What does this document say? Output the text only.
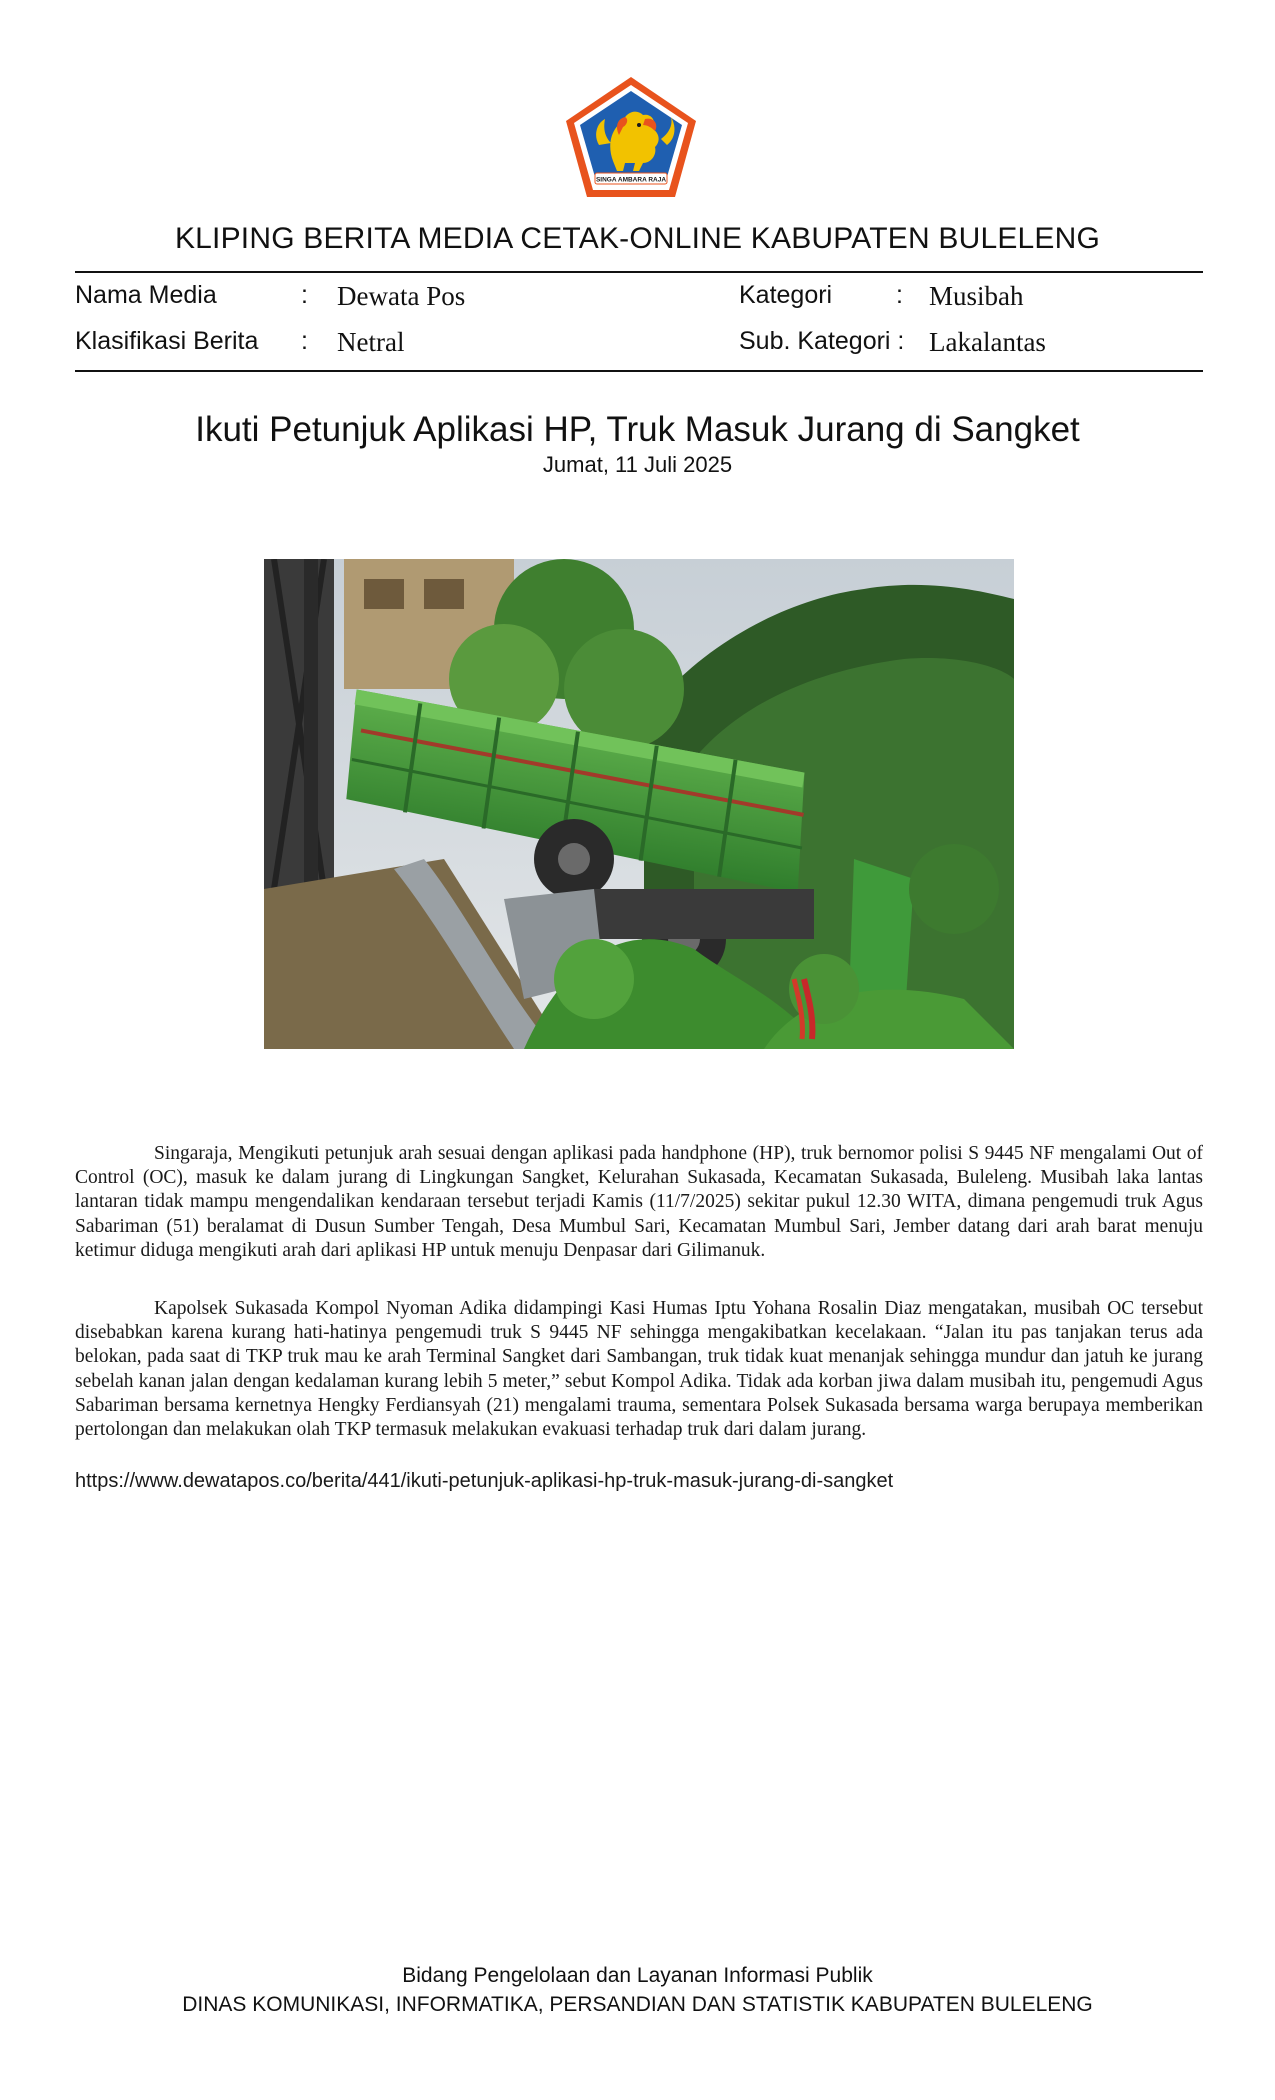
SINGA AMBARA RAJA
KLIPING BERITA MEDIA CETAK-ONLINE KABUPATEN BULELENG
Nama Media	: Dewata Pos	Kategori	: Musibah
Klasifikasi Berita : Netral	Sub. Kategori : Lakalantas
Ikuti Petunjuk Aplikasi HP, Truk Masuk Jurang di Sangket
Jumat, 11 Juli 2025

Singaraja, Mengikuti petunjuk arah sesuai dengan aplikasi pada handphone (HP), truk bernomor polisi S 9445 NF mengalami Out of Control (OC), masuk ke dalam jurang di Lingkungan Sangket, Kelurahan Sukasada, Kecamatan Sukasada, Buleleng. Musibah laka lantas lantaran tidak mampu mengendalikan kendaraan tersebut terjadi Kamis (11/7/2025) sekitar pukul 12.30 WITA, dimana pengemudi truk Agus Sabariman (51) beralamat di Dusun Sumber Tengah, Desa Mumbul Sari, Kecamatan Mumbul Sari, Jember datang dari arah barat menuju ketimur diduga mengikuti arah dari aplikasi HP untuk menuju Denpasar dari Gilimanuk.

Kapolsek Sukasada Kompol Nyoman Adika didampingi Kasi Humas Iptu Yohana Rosalin Diaz mengatakan, musibah OC tersebut disebabkan karena kurang hati-hatinya pengemudi truk S 9445 NF sehingga mengakibatkan kecelakaan. “Jalan itu pas tanjakan terus ada belokan, pada saat di TKP truk mau ke arah Terminal Sangket dari Sambangan, truk tidak kuat menanjak sehingga mundur dan jatuh ke jurang sebelah kanan jalan dengan kedalaman kurang lebih 5 meter,” sebut Kompol Adika. Tidak ada korban jiwa dalam musibah itu, pengemudi Agus Sabariman bersama kernetnya Hengky Ferdiansyah (21) mengalami trauma, sementara Polsek Sukasada bersama warga berupaya memberikan pertolongan dan melakukan olah TKP termasuk melakukan evakuasi terhadap truk dari dalam jurang.

https://www.dewatapos.co/berita/441/ikuti-petunjuk-aplikasi-hp-truk-masuk-jurang-di-sangket
Bidang Pengelolaan dan Layanan Informasi Publik
DINAS KOMUNIKASI, INFORMATIKA, PERSANDIAN DAN STATISTIK KABUPATEN BULELENG
